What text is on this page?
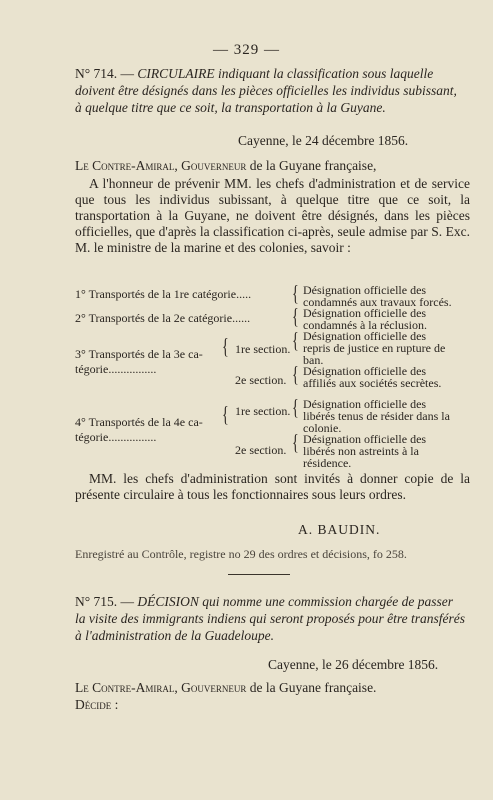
— 329 —
N° 714. — CIRCULAIRE indiquant la classification sous laquelle doivent être désignés dans les pièces officielles les individus subissant, à quelque titre que ce soit, la transportation à la Guyane.
Cayenne, le 24 décembre 1856.
Le Contre-Amiral, Gouverneur de la Guyane française,
A l'honneur de prévenir MM. les chefs d'administration et de service que tous les individus subissant, à quelque titre que ce soit, la transportation à la Guyane, ne doivent être désignés, dans les pièces officielles, que d'après la classification ci-après, seule admise par S. Exc. M. le ministre de la marine et des colonies, savoir :
1° Transportés de la 1re catégorie.....	{ Désignation officielle des condamnés aux travaux forcés.
2° Transportés de la 2e catégorie......	{ Désignation officielle des condamnés à la réclusion.
3° Transportés de la 3e ca-
tégorie................
{ 1re section. { Désignation officielle des repris de justice en rupture de ban.
2e section. { Désignation officielle des affiliés aux sociétés secrètes.
4° Transportés de la 4e ca-
tégorie................
{ 1re section. { Désignation officielle des libérés tenus de résider dans la colonie.
2e section. { Désignation officielle des libérés non astreints à la résidence.
MM. les chefs d'administration sont invités à donner copie de la présente circulaire à tous les fonctionnaires sous leurs ordres.
A. BAUDIN.
Enregistré au Contrôle, registre no 29 des ordres et décisions, fo 258.
N° 715. — DÉCISION qui nomme une commission chargée de passer la visite des immigrants indiens qui seront proposés pour être transférés à l'administration de la Guadeloupe.
Cayenne, le 26 décembre 1856.
Le Contre-Amiral, Gouverneur de la Guyane française.
Décide :
